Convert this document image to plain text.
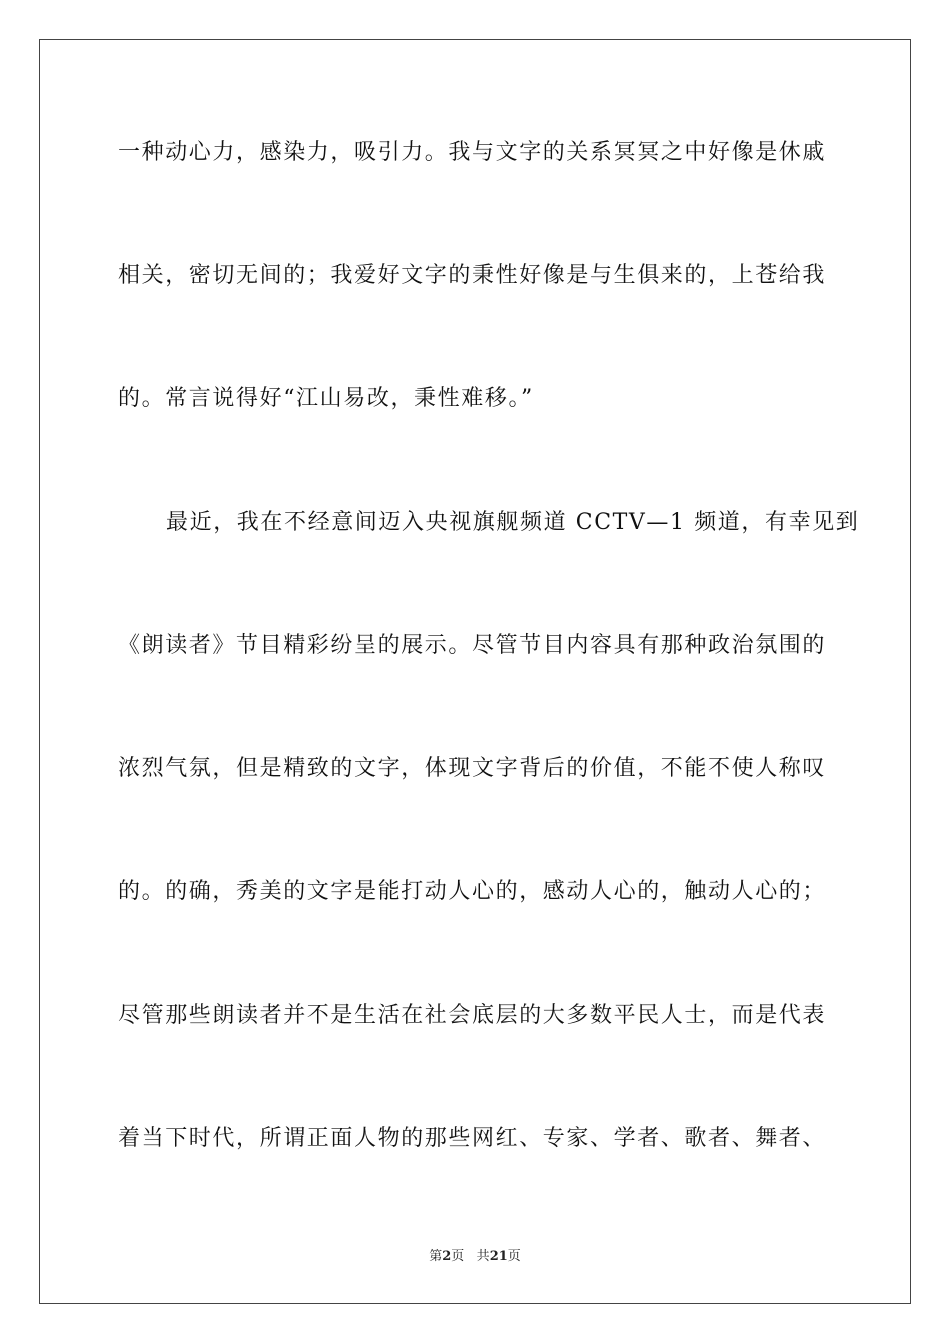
一种动心力，感染力，吸引力。我与文字的关系冥冥之中好像是休戚
相关，密切无间的；我爱好文字的秉性好像是与生俱来的，上苍给我
的。常言说得好“江山易改，秉性难移。”
最近，我在不经意间迈入央视旗舰频道 CCTV—1 频道，有幸见到
《朗读者》节目精彩纷呈的展示。尽管节目内容具有那种政治氛围的
浓烈气氛，但是精致的文字，体现文字背后的价值，不能不使人称叹
的。的确，秀美的文字是能打动人心的，感动人心的，触动人心的；
尽管那些朗读者并不是生活在社会底层的大多数平民人士，而是代表
着当下时代，所谓正面人物的那些网红、专家、学者、歌者、舞者、
第2页 共21页
